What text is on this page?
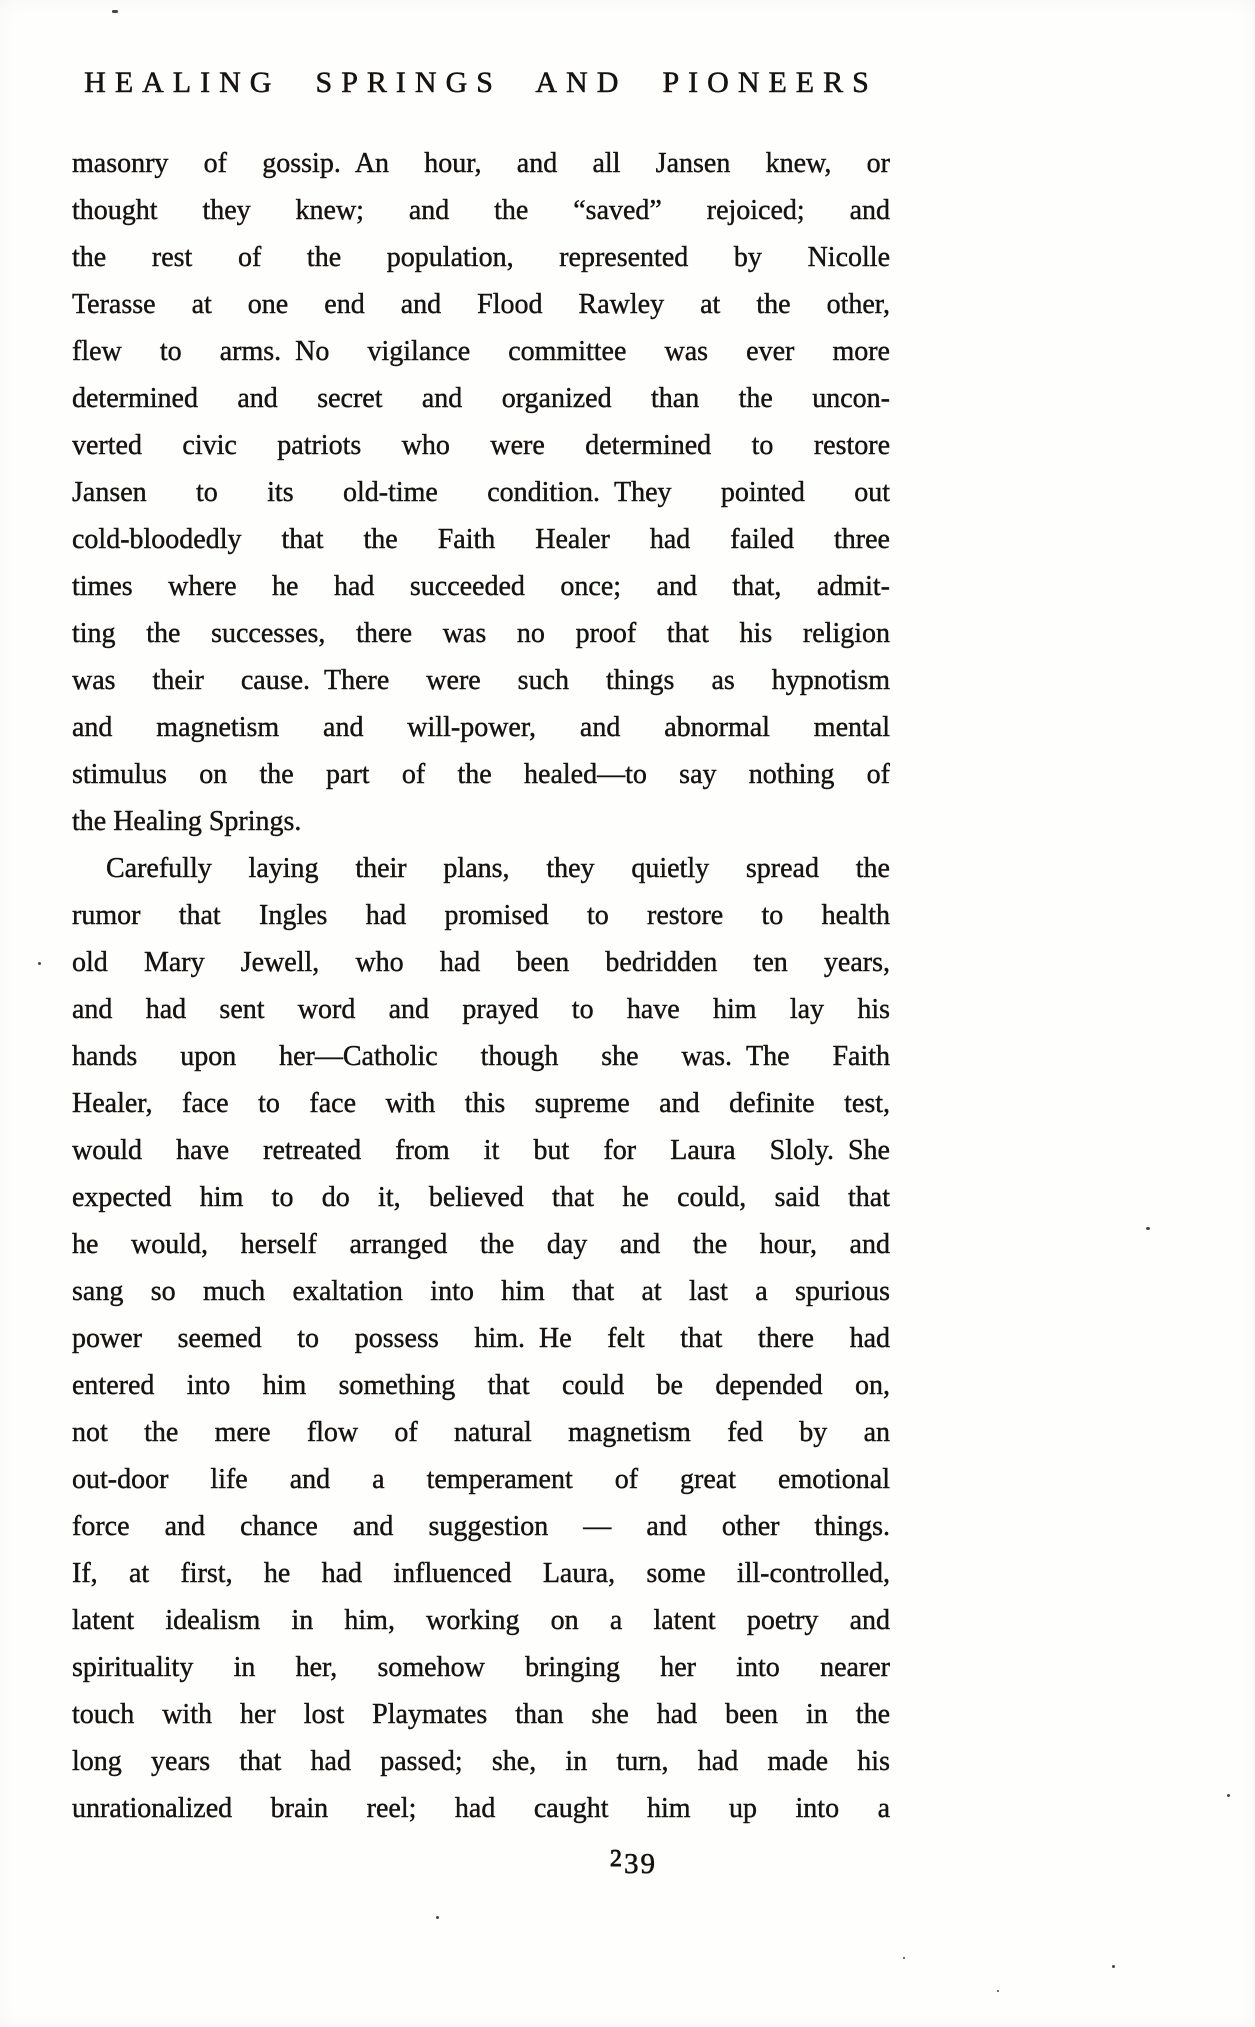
HEALING SPRINGS AND PIONEERS
masonry of gossip. An hour, and all Jansen knew, or
thought they knew; and the “saved” rejoiced; and
the rest of the population, represented by Nicolle
Terasse at one end and Flood Rawley at the other,
flew to arms. No vigilance committee was ever more
determined and secret and organized than the uncon-
verted civic patriots who were determined to restore
Jansen to its old-time condition. They pointed out
cold-bloodedly that the Faith Healer had failed three
times where he had succeeded once; and that, admit-
ting the successes, there was no proof that his religion
was their cause. There were such things as hypnotism
and magnetism and will-power, and abnormal mental
stimulus on the part of the healed—to say nothing of
the Healing Springs.
Carefully laying their plans, they quietly spread the
rumor that Ingles had promised to restore to health
old Mary Jewell, who had been bedridden ten years,
and had sent word and prayed to have him lay his
hands upon her—Catholic though she was. The Faith
Healer, face to face with this supreme and definite test,
would have retreated from it but for Laura Sloly. She
expected him to do it, believed that he could, said that
he would, herself arranged the day and the hour, and
sang so much exaltation into him that at last a spurious
power seemed to possess him. He felt that there had
entered into him something that could be depended on,
not the mere flow of natural magnetism fed by an
out-door life and a temperament of great emotional
force and chance and suggestion — and other things.
If, at first, he had influenced Laura, some ill-controlled,
latent idealism in him, working on a latent poetry and
spirituality in her, somehow bringing her into nearer
touch with her lost Playmates than she had been in the
long years that had passed; she, in turn, had made his
unrationalized brain reel; had caught him up into a
239
